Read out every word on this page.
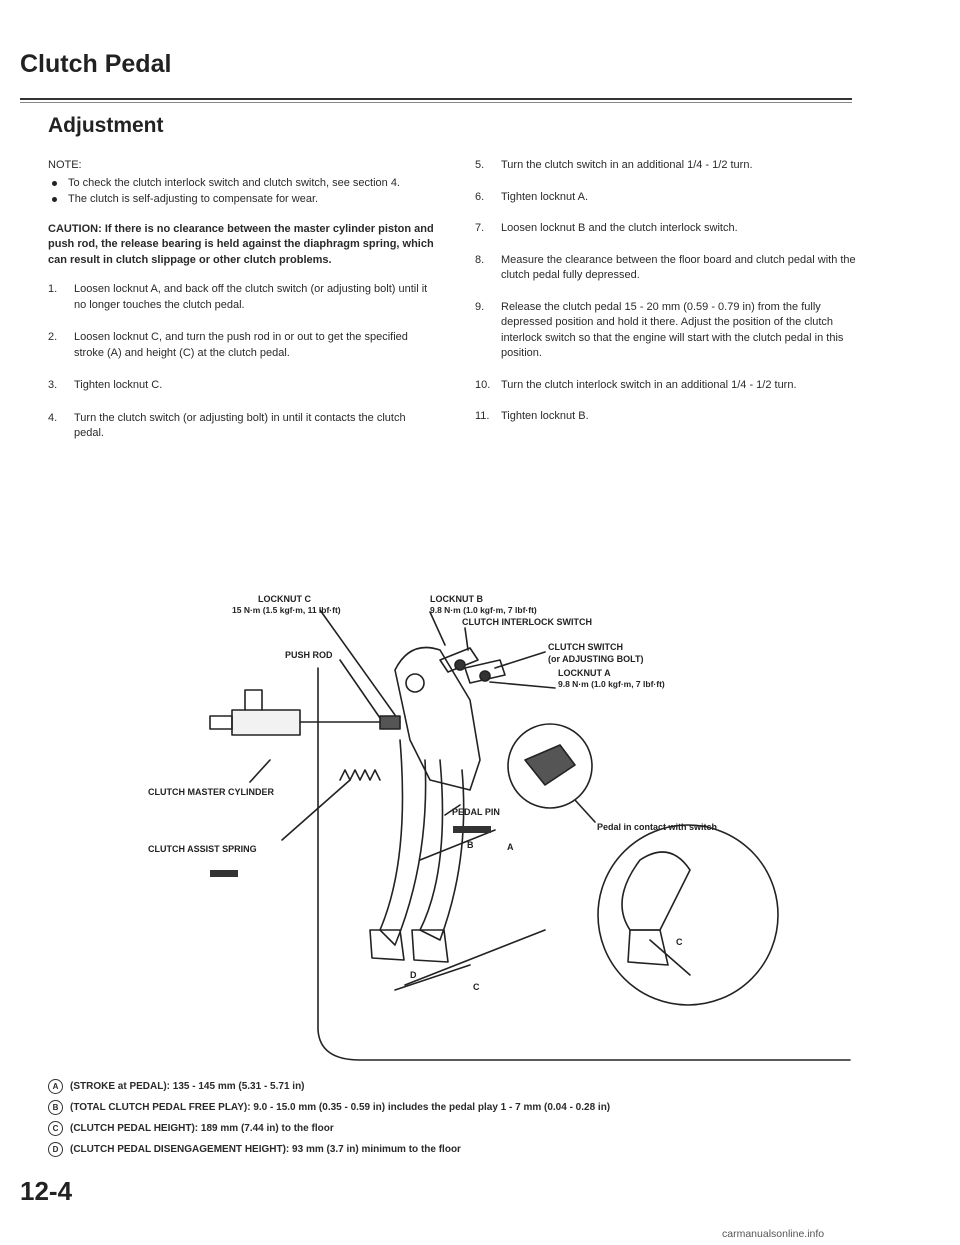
Clutch Pedal
Adjustment
NOTE:
To check the clutch interlock switch and clutch switch, see section 4.
The clutch is self-adjusting to compensate for wear.
CAUTION: If there is no clearance between the master cylinder piston and push rod, the release bearing is held against the diaphragm spring, which can result in clutch slippage or other clutch problems.
1.	Loosen locknut A, and back off the clutch switch (or adjusting bolt) until it no longer touches the clutch pedal.
2.	Loosen locknut C, and turn the push rod in or out to get the specified stroke (A) and height (C) at the clutch pedal.
3.	Tighten locknut C.
4.	Turn the clutch switch (or adjusting bolt) in until it contacts the clutch pedal.
5.	Turn the clutch switch in an additional 1/4 - 1/2 turn.
6.	Tighten locknut A.
7.	Loosen locknut B and the clutch interlock switch.
8.	Measure the clearance between the floor board and clutch pedal with the clutch pedal fully depressed.
9.	Release the clutch pedal 15 - 20 mm (0.59 - 0.79 in) from the fully depressed position and hold it there. Adjust the position of the clutch interlock switch so that the engine will start with the clutch pedal in this position.
10. Turn the clutch interlock switch in an additional 1/4 - 1/2 turn.
11.	Tighten locknut B.
LOCKNUT C
15 N·m (1.5 kgf·m, 11 lbf·ft)
LOCKNUT B
9.8 N·m (1.0 kgf·m, 7 lbf·ft)
CLUTCH INTERLOCK SWITCH
CLUTCH SWITCH
(or ADJUSTING BOLT)
LOCKNUT A
9.8 N·m (1.0 kgf·m, 7 lbf·ft)
PUSH ROD
CLUTCH MASTER CYLINDER
PEDAL PIN
CLUTCH ASSIST SPRING
Pedal in contact with switch
B	A
D
C
C
A	(STROKE at PEDAL): 135 - 145 mm (5.31 - 5.71 in)
B	(TOTAL CLUTCH PEDAL FREE PLAY): 9.0 - 15.0 mm (0.35 - 0.59 in) includes the pedal play 1 - 7 mm (0.04 - 0.28 in)
C	(CLUTCH PEDAL HEIGHT): 189 mm (7.44 in) to the floor
D	(CLUTCH PEDAL DISENGAGEMENT HEIGHT): 93 mm (3.7 in) minimum to the floor
12-4
carmanualsonline.info
